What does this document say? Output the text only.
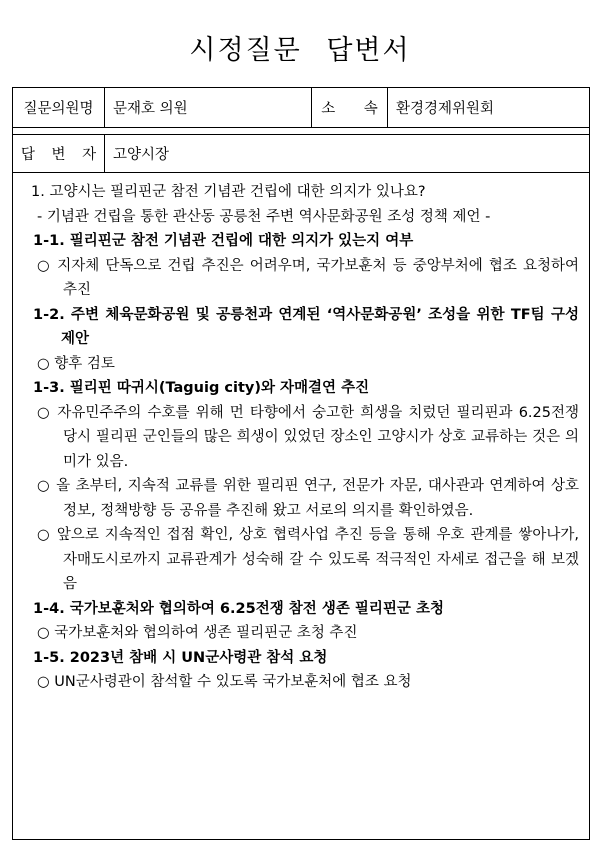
시정질문 답변서
질문의원명	문재호 의원	소 속	환경경제위원회
답 변 자	고양시장

1. 고양시는 필리핀군 참전 기념관 건립에 대한 의지가 있나요?

- 기념관 건립을 통한 관산동 공릉천 주변 역사문화공원 조성 정책 제언 -

1-1. 필리핀군 참전 기념관 건립에 대한 의지가 있는지 여부

○ 지자체 단독으로 건립 추진은 어려우며, 국가보훈처 등 중앙부처에 협조 요청하여 추진

1-2. 주변 체육문화공원 및 공릉천과 연계된 ‘역사문화공원’ 조성을 위한 TF팀 구성 제안

○ 향후 검토

1-3. 필리핀 따귀시(Taguig city)와 자매결연 추진

○ 자유민주주의 수호를 위해 먼 타향에서 숭고한 희생을 치렀던 필리핀과 6.25전쟁 당시 필리핀 군인들의 많은 희생이 있었던 장소인 고양시가 상호 교류하는 것은 의미가 있음.

○ 올 초부터, 지속적 교류를 위한 필리핀 연구, 전문가 자문, 대사관과 연계하여 상호 정보, 정책방향 등 공유를 추진해 왔고 서로의 의지를 확인하였음.

○ 앞으로 지속적인 접점 확인, 상호 협력사업 추진 등을 통해 우호 관계를 쌓아나가, 자매도시로까지 교류관계가 성숙해 갈 수 있도록 적극적인 자세로 접근을 해 보겠음

1-4. 국가보훈처와 협의하여 6.25전쟁 참전 생존 필리핀군 초청

○ 국가보훈처와 협의하여 생존 필리핀군 초청 추진

1-5. 2023년 참배 시 UN군사령관 참석 요청

○ UN군사령관이 참석할 수 있도록 국가보훈처에 협조 요청
